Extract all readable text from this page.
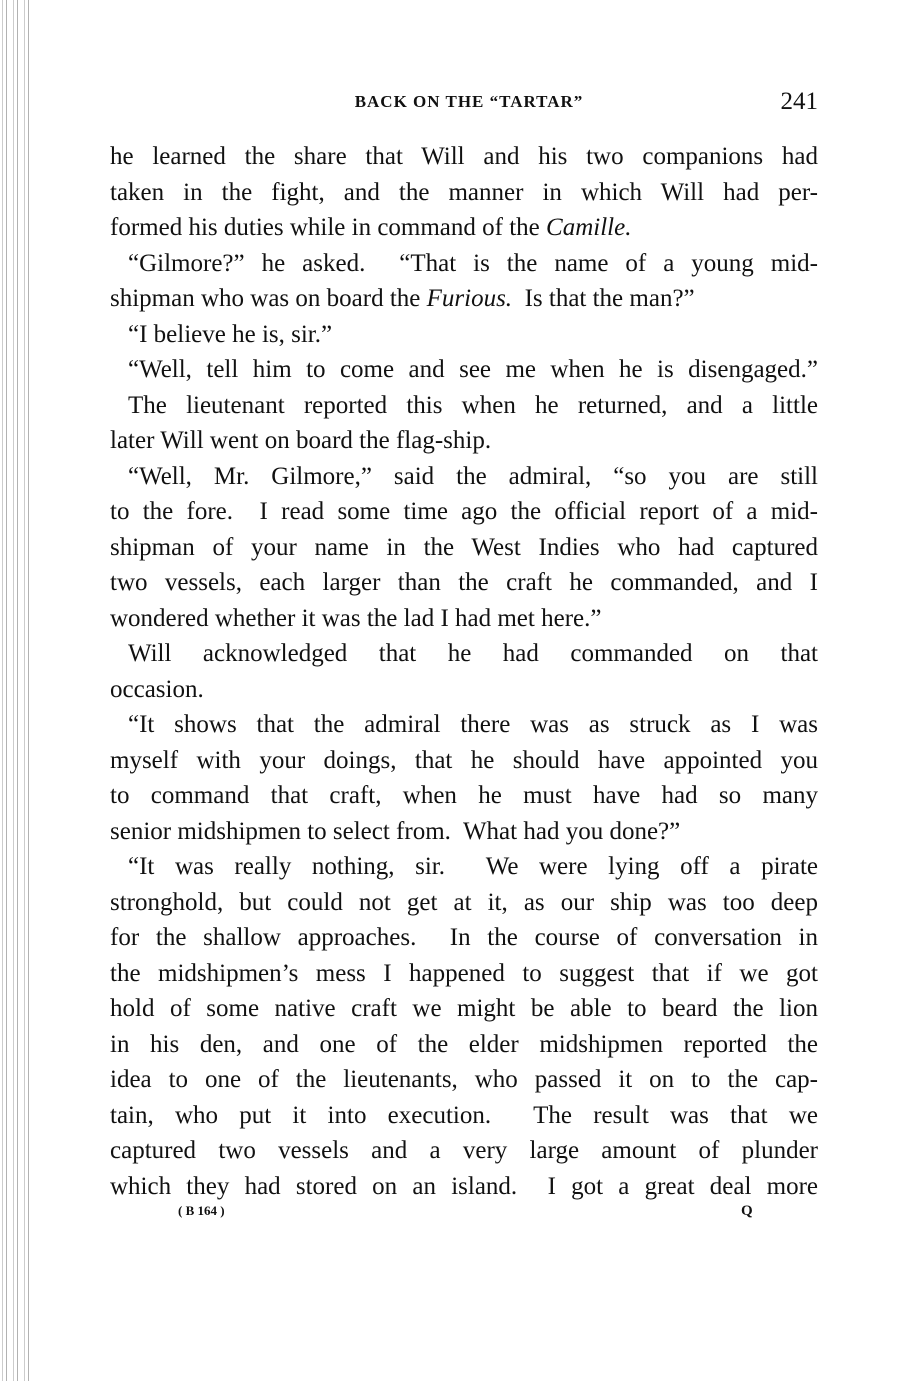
BACK ON THE “TARTAR”	241
he learned the share that Will and his two companions had
taken in the fight, and the manner in which Will had per-
formed his duties while in command of the Camille.
“Gilmore?” he asked.  “That is the name of a young mid-
shipman who was on board the Furious.  Is that the man?”
“I believe he is, sir.”
“Well, tell him to come and see me when he is disengaged.”
The lieutenant reported this when he returned, and a little
later Will went on board the flag-ship.
“Well, Mr. Gilmore,” said the admiral, “so you are still
to the fore.  I read some time ago the official report of a mid-
shipman of your name in the West Indies who had captured
two vessels, each larger than the craft he commanded, and I
wondered whether it was the lad I had met here.”
Will acknowledged that he had commanded on that
occasion.
“It shows that the admiral there was as struck as I was
myself with your doings, that he should have appointed you
to command that craft, when he must have had so many
senior midshipmen to select from.  What had you done?”
“It was really nothing, sir.  We were lying off a pirate
stronghold, but could not get at it, as our ship was too deep
for the shallow approaches.  In the course of conversation in
the midshipmen’s mess I happened to suggest that if we got
hold of some native craft we might be able to beard the lion
in his den, and one of the elder midshipmen reported the
idea to one of the lieutenants, who passed it on to the cap-
tain, who put it into execution.  The result was that we
captured two vessels and a very large amount of plunder
which they had stored on an island.  I got a great deal more
( B 164 )	Q
